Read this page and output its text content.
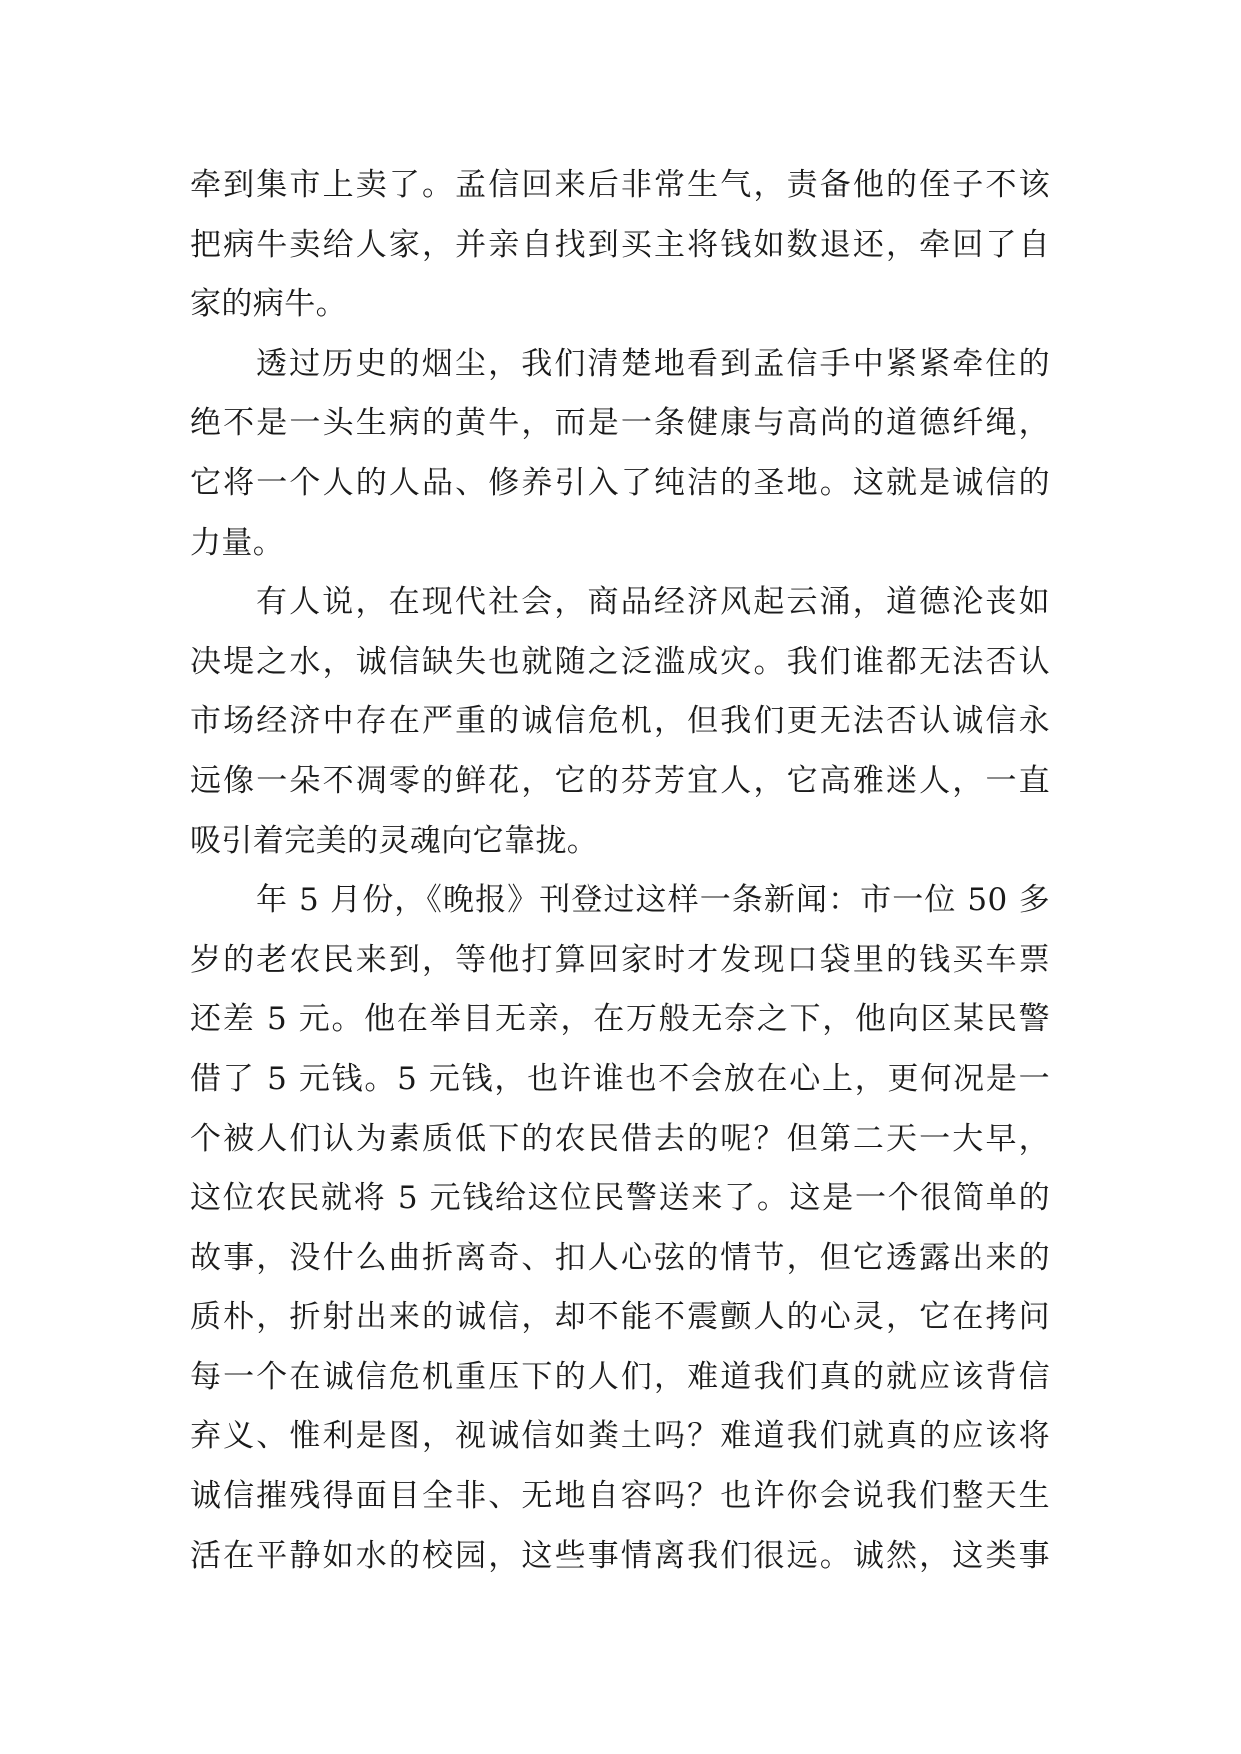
牵到集市上卖了。孟信回来后非常生气，责备他的侄子不该
把病牛卖给人家，并亲自找到买主将钱如数退还，牵回了自
家的病牛。
透过历史的烟尘，我们清楚地看到孟信手中紧紧牵住的
绝不是一头生病的黄牛，而是一条健康与高尚的道德纤绳，
它将一个人的人品、修养引入了纯洁的圣地。这就是诚信的
力量。
有人说，在现代社会，商品经济风起云涌，道德沦丧如
决堤之水，诚信缺失也就随之泛滥成灾。我们谁都无法否认
市场经济中存在严重的诚信危机，但我们更无法否认诚信永
远像一朵不凋零的鲜花，它的芬芳宜人，它高雅迷人，一直
吸引着完美的灵魂向它靠拢。
年 5 月份，《晚报》刊登过这样一条新闻：市一位 50 多
岁的老农民来到，等他打算回家时才发现口袋里的钱买车票
还差 5 元。他在举目无亲，在万般无奈之下，他向区某民警
借了 5 元钱。5 元钱，也许谁也不会放在心上，更何况是一
个被人们认为素质低下的农民借去的呢？但第二天一大早，
这位农民就将 5 元钱给这位民警送来了。这是一个很简单的
故事，没什么曲折离奇、扣人心弦的情节，但它透露出来的
质朴，折射出来的诚信，却不能不震颤人的心灵，它在拷问
每一个在诚信危机重压下的人们，难道我们真的就应该背信
弃义、惟利是图，视诚信如粪土吗？难道我们就真的应该将
诚信摧残得面目全非、无地自容吗？也许你会说我们整天生
活在平静如水的校园，这些事情离我们很远。诚然，这类事
